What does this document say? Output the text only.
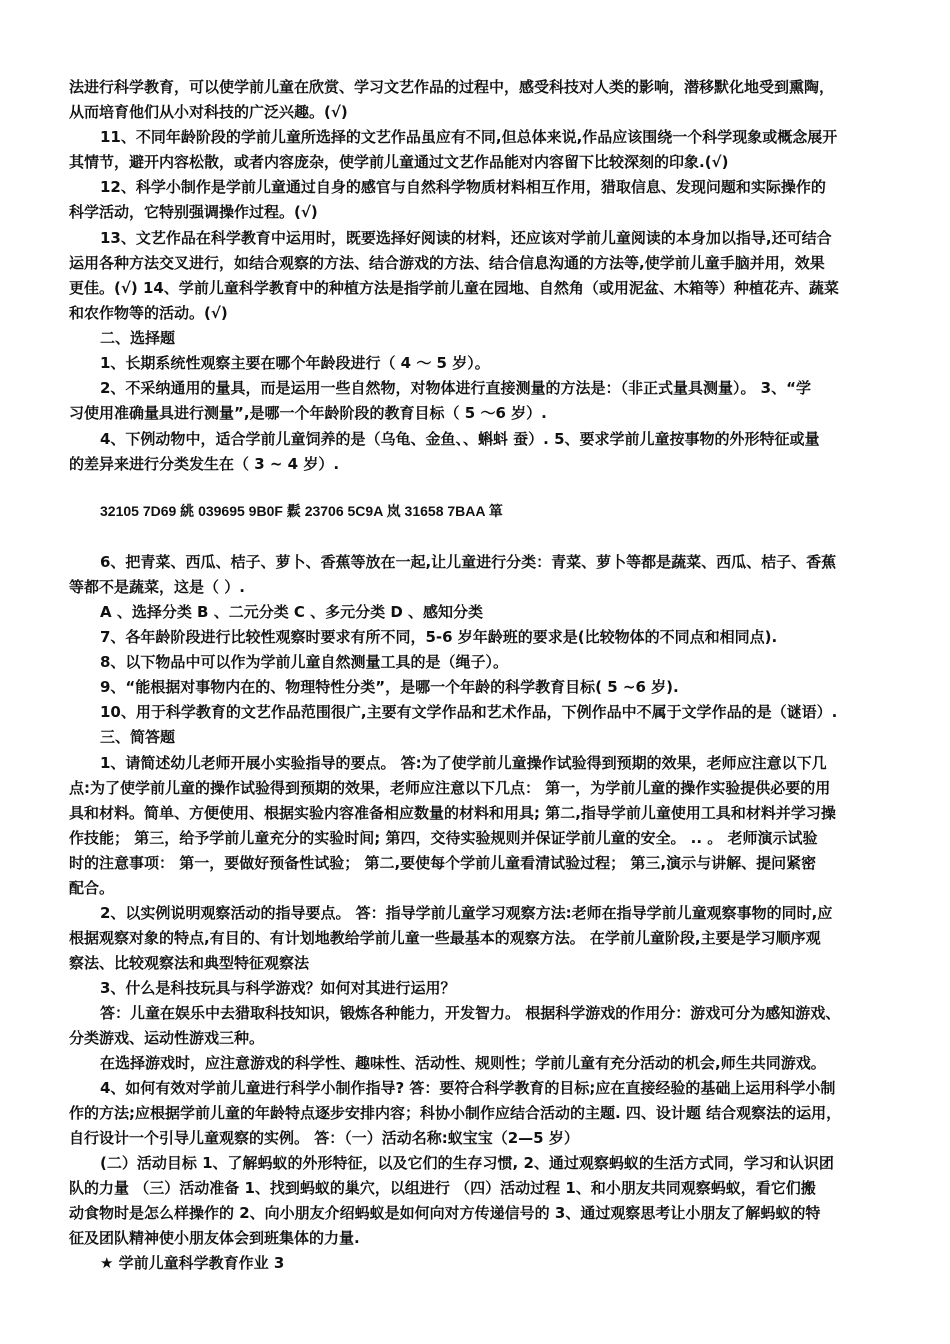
法进行科学教育，可以使学前儿童在欣赏、学习文艺作品的过程中，感受科技对人类的影响，潜移默化地受到熏陶，
从而培育他们从小对科技的广泛兴趣。(√)
11、不同年龄阶段的学前儿童所选择的文艺作品虽应有不同,但总体来说,作品应该围绕一个科学现象或概念展开
其情节，避开内容松散，或者内容庞杂，使学前儿童通过文艺作品能对内容留下比较深刻的印象.(√)
12、科学小制作是学前儿童通过自身的感官与自然科学物质材料相互作用，猎取信息、发现问题和实际操作的
科学活动，它特别强调操作过程。(√)
13、文艺作品在科学教育中运用时，既要选择好阅读的材料，还应该对学前儿童阅读的本身加以指导,还可结合
运用各种方法交叉进行，如结合观察的方法、结合游戏的方法、结合信息沟通的方法等,使学前儿童手脑并用，效果
更佳。(√) 14、学前儿童科学教育中的种植方法是指学前儿童在园地、自然角（或用泥盆、木箱等）种植花卉、蔬菜
和农作物等的活动。(√)
二、选择题
1、长期系统性观察主要在哪个年龄段进行（ 4 ～ 5 岁）。
2、不采纳通用的量具，而是运用一些自然物，对物体进行直接测量的方法是：（非正式量具测量）。 3、“学
习使用准确量具进行测量”,是哪一个年龄阶段的教育目标（ 5 ～6 岁）.
4、下例动物中，适合学前儿童饲养的是（乌龟、金鱼、、蝌蚪 蚕）. 5、要求学前儿童按事物的外形特征或量
的差异来进行分类发生在（ 3 ~ 4 岁）.
32105 7D69 絩 039695 9B0F 鬏 23706 5C9A 岚 31658 7BAA 箪
6、把青菜、西瓜、桔子、萝卜、香蕉等放在一起,让儿童进行分类：青菜、萝卜等都是蔬菜、西瓜、桔子、香蕉
等都不是蔬菜，这是（ ）.
A 、选择分类 B 、二元分类 C 、多元分类 D 、感知分类
7、各年龄阶段进行比较性观察时要求有所不同，5-6 岁年龄班的要求是(比较物体的不同点和相同点).
8、以下物品中可以作为学前儿童自然测量工具的是（绳子）。
9、“能根据对事物内在的、物理特性分类”，是哪一个年龄的科学教育目标( 5 ~6 岁).
10、用于科学教育的文艺作品范围很广,主要有文学作品和艺术作品，下例作品中不属于文学作品的是（谜语）.
三、简答题
1、请简述幼儿老师开展小实验指导的要点。 答:为了使学前儿童操作试验得到预期的效果，老师应注意以下几
点:为了使学前儿童的操作试验得到预期的效果，老师应注意以下几点： 第一，为学前儿童的操作实验提供必要的用
具和材料。简单、方便使用、根据实验内容准备相应数量的材料和用具; 第二,指导学前儿童使用工具和材料并学习操
作技能； 第三，给予学前儿童充分的实验时间; 第四，交待实验规则并保证学前儿童的安全。 .. 。 老师演示试验
时的注意事项： 第一，要做好预备性试验； 第二,要使每个学前儿童看清试验过程； 第三,演示与讲解、提问紧密
配合。
2、以实例说明观察活动的指导要点。 答：指导学前儿童学习观察方法:老师在指导学前儿童观察事物的同时,应
根据观察对象的特点,有目的、有计划地教给学前儿童一些最基本的观察方法。 在学前儿童阶段,主要是学习顺序观
察法、比较观察法和典型特征观察法
3、什么是科技玩具与科学游戏？如何对其进行运用？
答：儿童在娱乐中去猎取科技知识，锻炼各种能力，开发智力。 根据科学游戏的作用分：游戏可分为感知游戏、
分类游戏、运动性游戏三种。
在选择游戏时，应注意游戏的科学性、趣味性、活动性、规则性；学前儿童有充分活动的机会,师生共同游戏。
4、如何有效对学前儿童进行科学小制作指导? 答：要符合科学教育的目标;应在直接经验的基础上运用科学小制
作的方法;应根据学前儿童的年龄特点逐步安排内容；科协小制作应结合活动的主题. 四、设计题 结合观察法的运用，
自行设计一个引导儿童观察的实例。 答：（一）活动名称:蚁宝宝（2—5 岁）
(二）活动目标 1、了解蚂蚁的外形特征，以及它们的生存习惯, 2、通过观察蚂蚁的生活方式同，学习和认识团
队的力量 （三）活动准备 1、找到蚂蚁的巢穴，以组进行 （四）活动过程 1、和小朋友共同观察蚂蚁，看它们搬
动食物时是怎么样操作的 2、向小朋友介绍蚂蚁是如何向对方传递信号的 3、通过观察思考让小朋友了解蚂蚁的特
征及团队精神使小朋友体会到班集体的力量.
★ 学前儿童科学教育作业 3
